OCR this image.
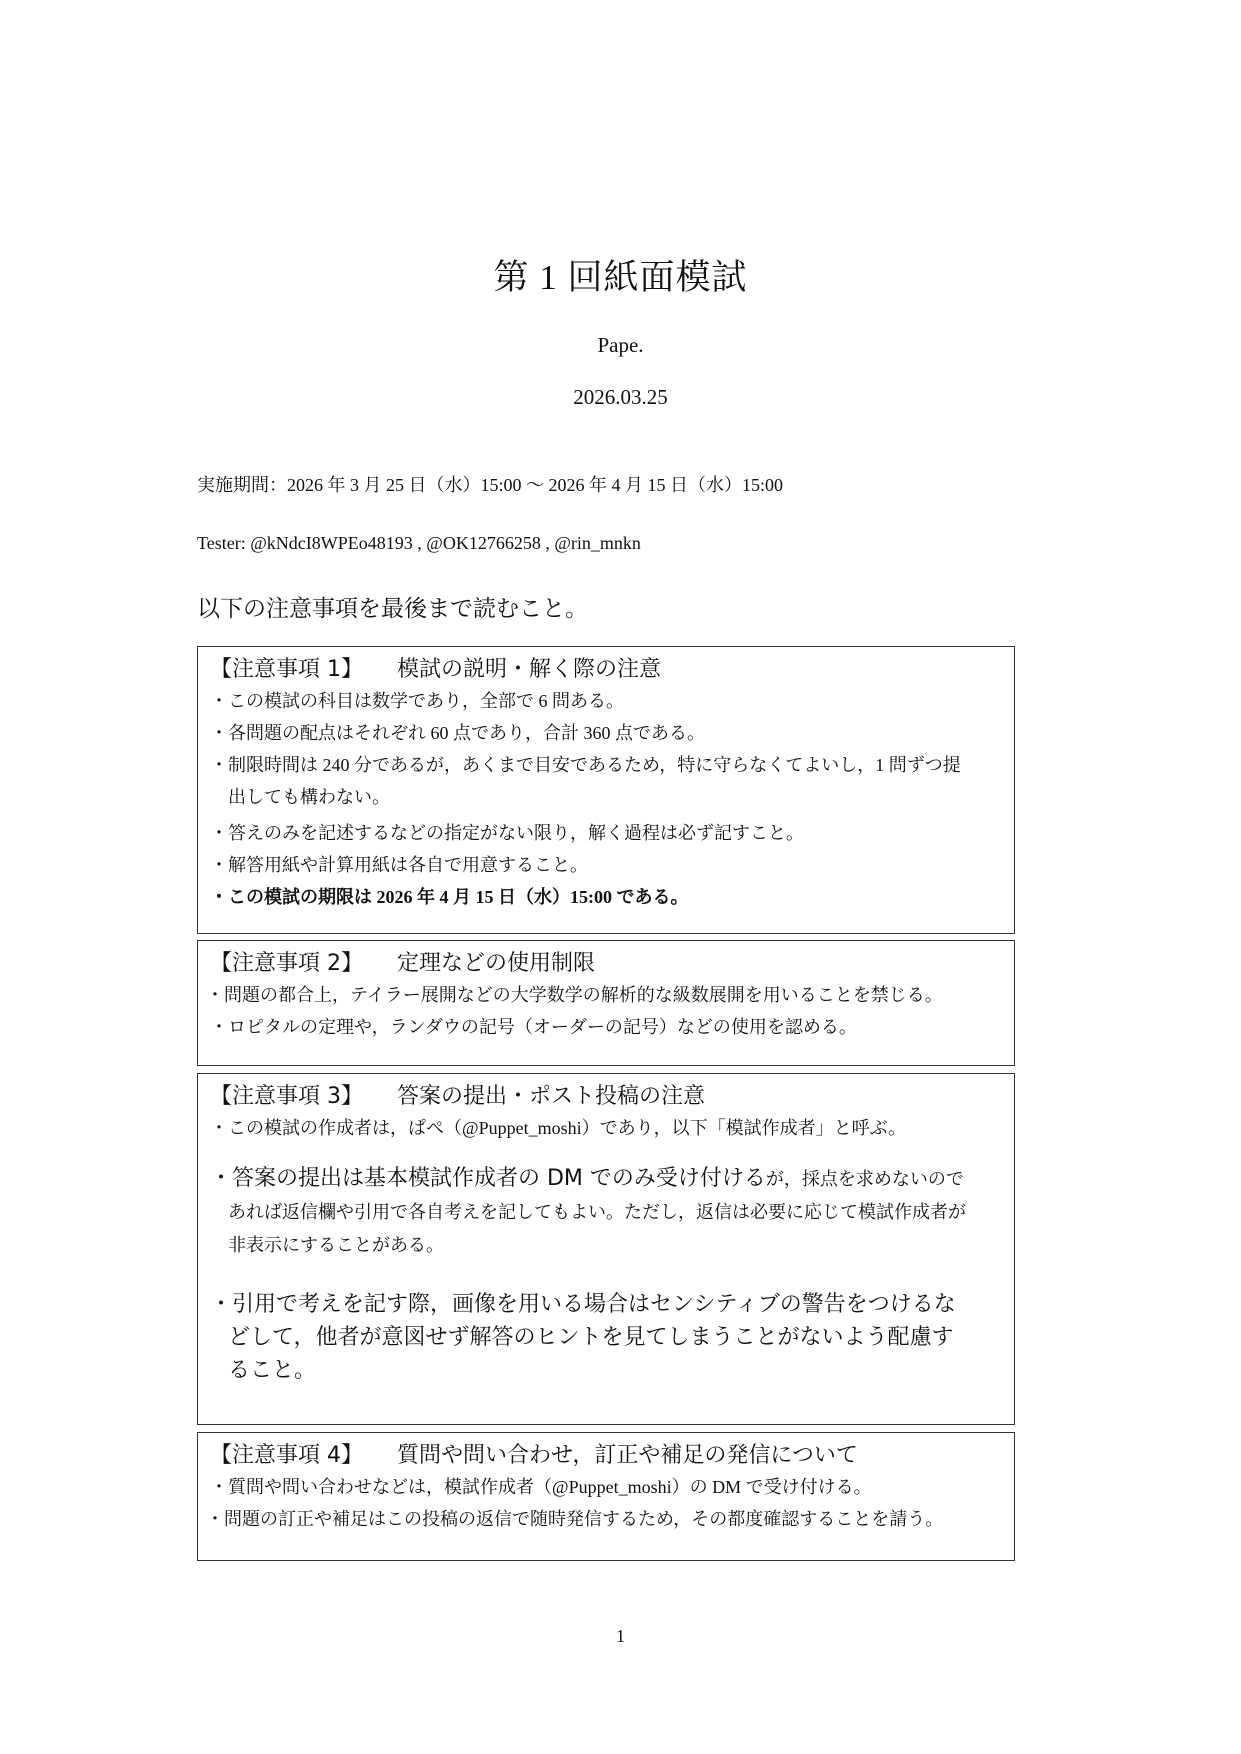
第 1 回紙面模試
Pape.
2026.03.25
実施期間：2026 年 3 月 25 日（水）15:00 〜 2026 年 4 月 15 日（水）15:00
Tester: @kNdcI8WPEo48193 , @OK12766258 , @rin_mnkn
以下の注意事項を最後まで読むこと。
【注意事項 1】 模試の説明・解く際の注意
・この模試の科目は数学であり，全部で 6 問ある。
・各問題の配点はそれぞれ 60 点であり，合計 360 点である。
・制限時間は 240 分であるが，あくまで目安であるため，特に守らなくてよいし，1 問ずつ提出しても構わない。
・答えのみを記述するなどの指定がない限り，解く過程は必ず記すこと。
・解答用紙や計算用紙は各自で用意すること。
・この模試の期限は 2026 年 4 月 15 日（水）15:00 である。
【注意事項 2】 定理などの使用制限
・問題の都合上，テイラー展開などの大学数学の解析的な級数展開を用いることを禁じる。
・ロピタルの定理や，ランダウの記号（オーダーの記号）などの使用を認める。
【注意事項 3】 答案の提出・ポスト投稿の注意
・この模試の作成者は，ぱぺ（@Puppet_moshi）であり，以下「模試作成者」と呼ぶ。
・答案の提出は基本模試作成者の DM でのみ受け付けるが，採点を求めないのであれば返信欄や引用で各自考えを記してもよい。ただし，返信は必要に応じて模試作成者が非表示にすることがある。
・引用で考えを記す際，画像を用いる場合はセンシティブの警告をつけるなどして，他者が意図せず解答のヒントを見てしまうことがないよう配慮すること。
【注意事項 4】 質問や問い合わせ，訂正や補足の発信について
・質問や問い合わせなどは，模試作成者（@Puppet_moshi）の DM で受け付ける。
・問題の訂正や補足はこの投稿の返信で随時発信するため，その都度確認することを請う。
1
